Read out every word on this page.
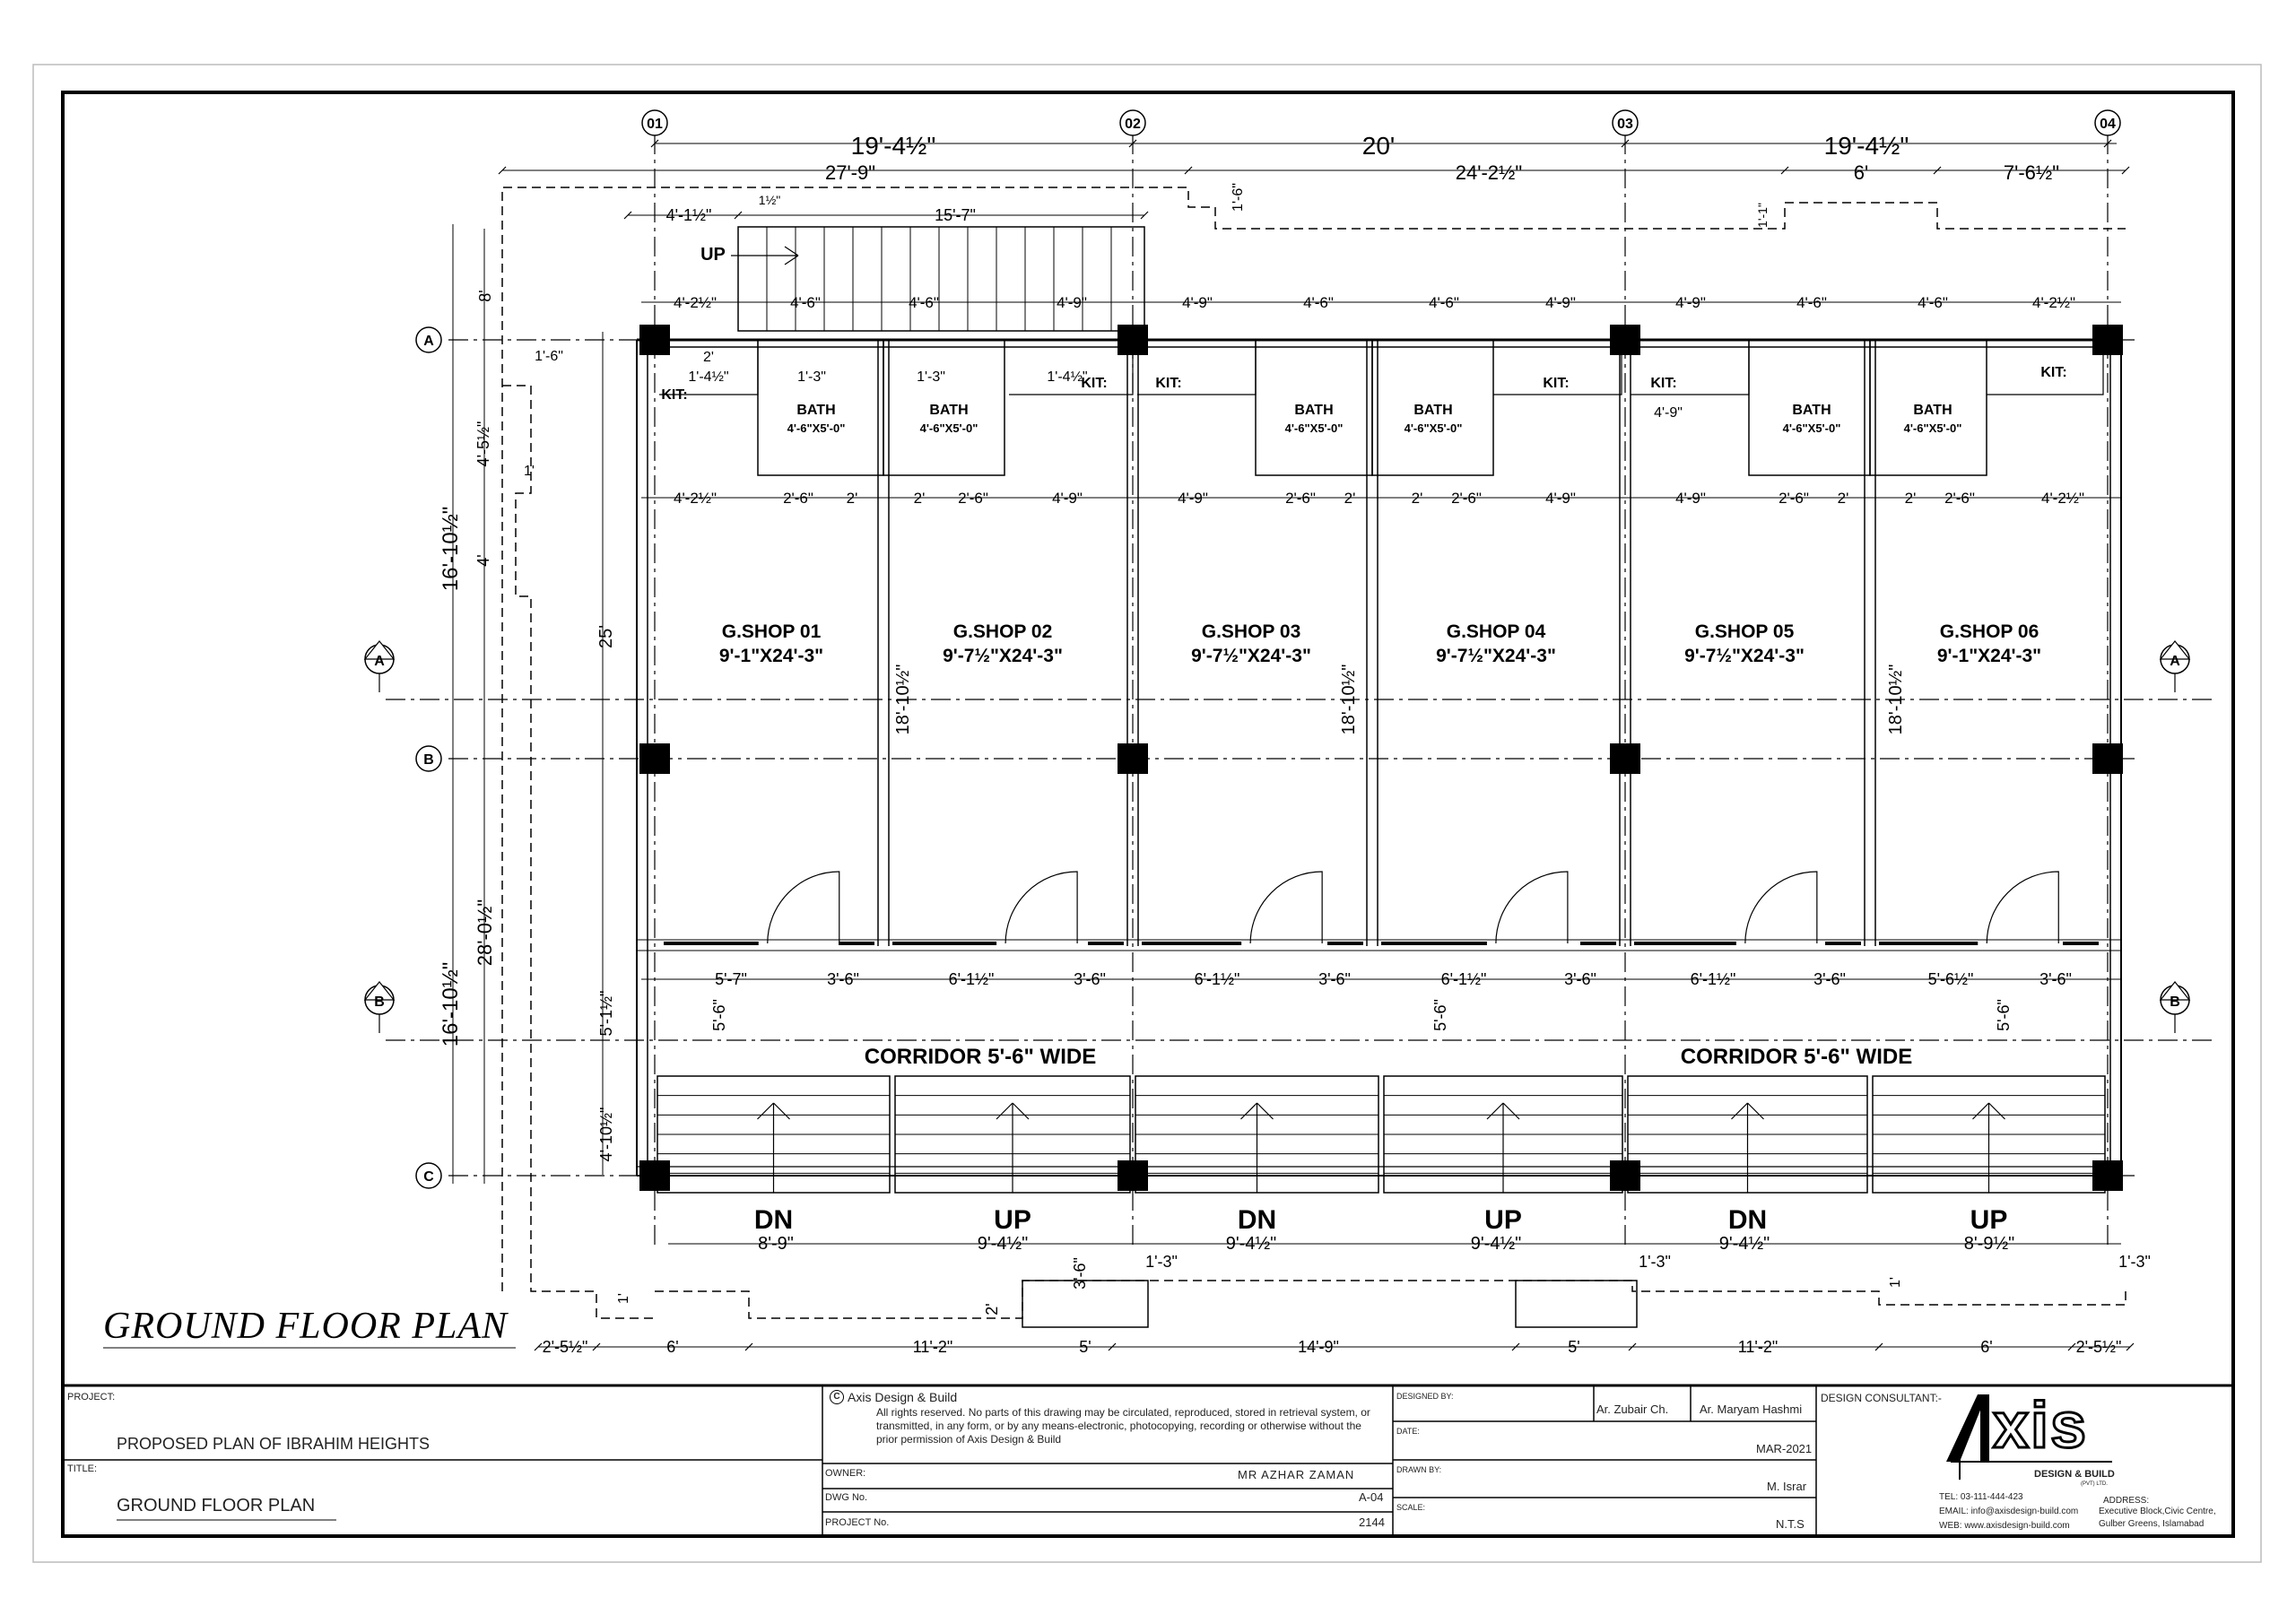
01	02	03	04
A
B
C
A	A
B	B
BATH
4'-6"X5'-0"
BATH
4'-6"X5'-0"
BATH
4'-6"X5'-0"
BATH
4'-6"X5'-0"
BATH
4'-6"X5'-0"
BATH
4'-6"X5'-0"
KIT:
KIT:	KIT:	KIT:	KIT:
KIT:
G.SHOP 01
9'-1"X24'-3"
G.SHOP 02
9'-7½"X24'-3"
G.SHOP 03
9'-7½"X24'-3"
G.SHOP 04
9'-7½"X24'-3"
G.SHOP 05
9'-7½"X24'-3"
G.SHOP 06
9'-1"X24'-3"
CORRIDOR 5'-6" WIDE	CORRIDOR 5'-6" WIDE
DN	UP	DN	UP	DN	UP
UP
19'-4½"	20'	19'-4½"
27'-9"	24'-2½"	6'	7'-6½"
4'-1½"	15'-7"
1½"	1'-6"
1'-1"
4'-2½"	4'-6"	4'-6"	4'-9"	4'-9"	4'-6"	4'-6"	4'-9"	4'-9"	4'-6"	4'-6"	4'-2½"
4'-2½"	2'-6" 2'	2' 2'-6"	4'-9"	4'-9"	2'-6" 2'	2' 2'-6"	4'-9"	4'-9"	2'-6" 2'	2' 2'-6"	4'-2½"
2'
1'-4½"	1'-3"	1'-3"	1'-4½"
4'-9"
8'
16'-10½"
4'-5½"
4'
1'
1'-6"
25'
16'-10½"
28'-0½"
5'-1½"
4'-10½"
18'-10½"	18'-10½"	18'-10½"
5'-7"	3'-6"	6'-1½"	3'-6"	6'-1½"	3'-6"	6'-1½"	3'-6"	6'-1½"	3'-6"	5'-6½"	3'-6"
5'-6"	5'-6"	5'-6"
8'-9"	9'-4½"	9'-4½"	9'-4½"	9'-4½"	8'-9½"
3'-6"	1'-3"	1'-3"	1'-3"
2'
1'
1'
2'-5½"	6'	11'-2"	5'	14'-9"	5'	11'-2"	6'	2'-5½"
GROUND FLOOR PLAN
PROJECT:
PROPOSED PLAN OF IBRAHIM HEIGHTS
TITLE:
GROUND FLOOR PLAN
C Axis Design & Build
All rights reserved. No parts of this drawing may be circulated, reproduced, stored in retrieval system, or transmitted, in any form, or by any means-electronic, photocopying, recording or otherwise without the prior permission of Axis Design & Build
OWNER:	MR AZHAR ZAMAN
DWG No.	A-04
PROJECT No.	2144
DESIGNED BY:
Ar. Zubair Ch.	Ar. Maryam Hashmi
DATE:
MAR-2021
DRAWN BY:
M. Israr
SCALE:
N.T.S
DESIGN CONSULTANT:- xis
DESIGN & BUILD
(PVT) LTD.
TEL: 03-111-444-423
EMAIL: info@axisdesign-build.com
WEB: www.axisdesign-build.com
ADDRESS:
Executive Block,Civic Centre,
Gulber Greens, Islamabad
